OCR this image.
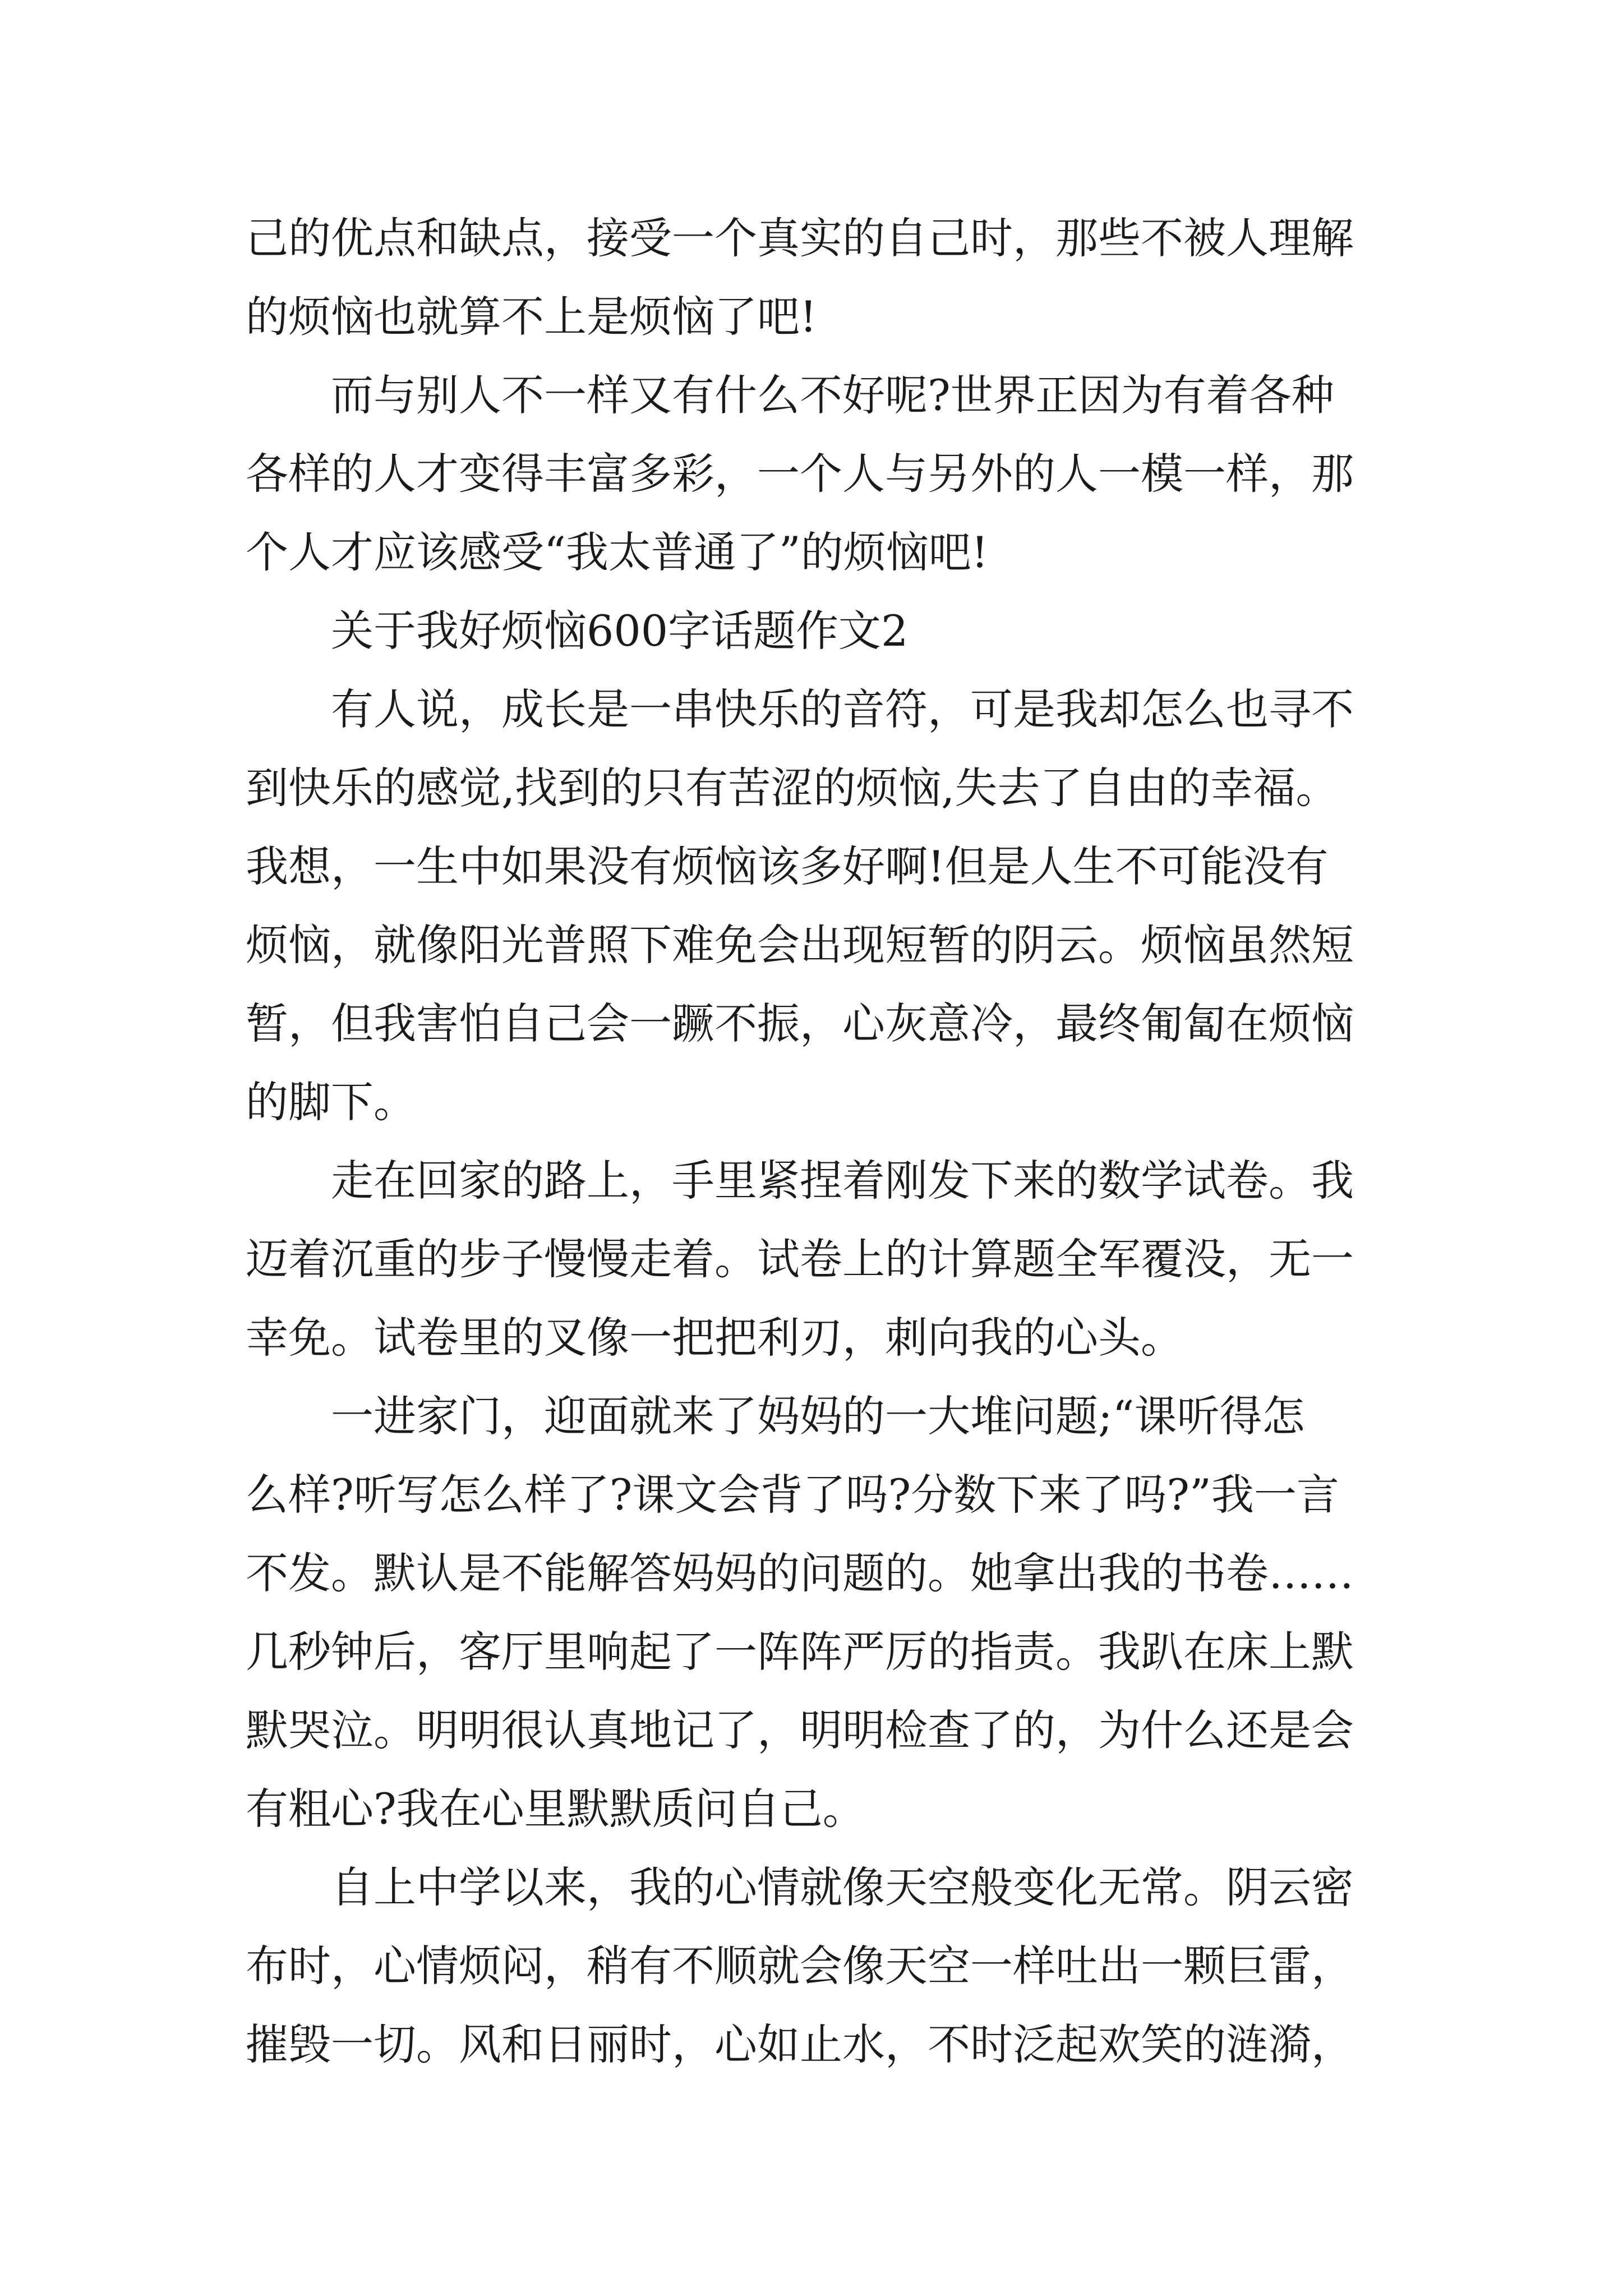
己的优点和缺点，接受一个真实的自己时，那些不被人理解
的烦恼也就算不上是烦恼了吧!
而与别人不一样又有什么不好呢?世界正因为有着各种
各样的人才变得丰富多彩，一个人与另外的人一模一样，那
个人才应该感受“我太普通了”的烦恼吧!
关于我好烦恼600字话题作文2
有人说，成长是一串快乐的音符，可是我却怎么也寻不
到快乐的感觉,找到的只有苦涩的烦恼,失去了自由的幸福。
我想，一生中如果没有烦恼该多好啊!但是人生不可能没有
烦恼，就像阳光普照下难免会出现短暂的阴云。烦恼虽然短
暂，但我害怕自己会一蹶不振，心灰意冷，最终匍匐在烦恼
的脚下。
走在回家的路上，手里紧捏着刚发下来的数学试卷。我
迈着沉重的步子慢慢走着。试卷上的计算题全军覆没，无一
幸免。试卷里的叉像一把把利刃，刺向我的心头。
一进家门，迎面就来了妈妈的一大堆问题;“课听得怎
么样?听写怎么样了?课文会背了吗?分数下来了吗?”我一言
不发。默认是不能解答妈妈的问题的。她拿出我的书卷……
几秒钟后，客厅里响起了一阵阵严厉的指责。我趴在床上默
默哭泣。明明很认真地记了，明明检查了的，为什么还是会
有粗心?我在心里默默质问自己。
自上中学以来，我的心情就像天空般变化无常。阴云密
布时，心情烦闷，稍有不顺就会像天空一样吐出一颗巨雷，
摧毁一切。风和日丽时，心如止水，不时泛起欢笑的涟漪，
